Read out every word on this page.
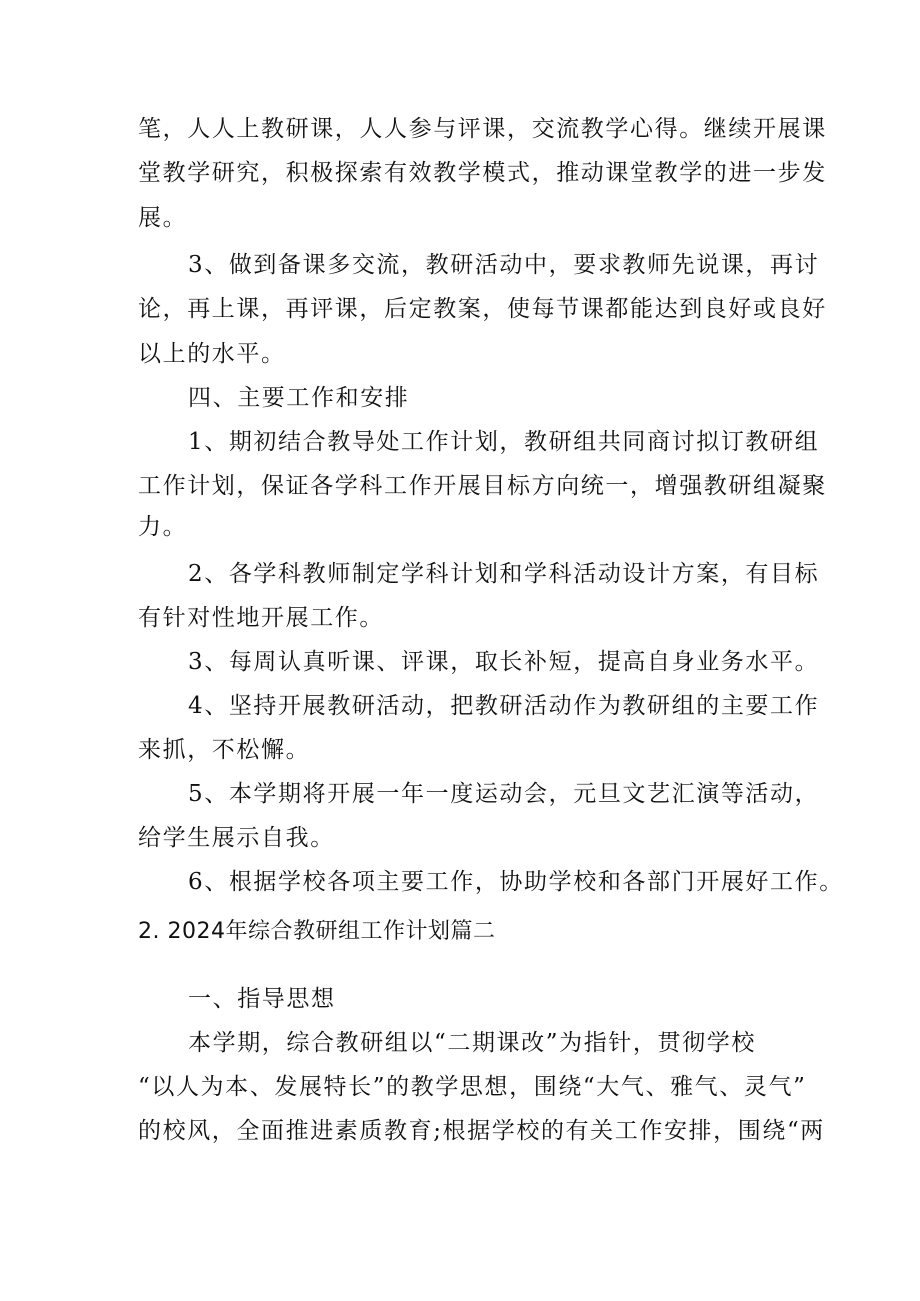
笔，人人上教研课，人人参与评课，交流教学心得。继续开展课
堂教学研究，积极探索有效教学模式，推动课堂教学的进一步发
展。
3、做到备课多交流，教研活动中，要求教师先说课，再讨
论，再上课，再评课，后定教案，使每节课都能达到良好或良好
以上的水平。
四、主要工作和安排
1、期初结合教导处工作计划，教研组共同商讨拟订教研组
工作计划，保证各学科工作开展目标方向统一，增强教研组凝聚
力。
2、各学科教师制定学科计划和学科活动设计方案，有目标
有针对性地开展工作。
3、每周认真听课、评课，取长补短，提高自身业务水平。
4、坚持开展教研活动，把教研活动作为教研组的主要工作
来抓，不松懈。
5、本学期将开展一年一度运动会，元旦文艺汇演等活动，
给学生展示自我。
6、根据学校各项主要工作，协助学校和各部门开展好工作。
2. 2024年综合教研组工作计划篇二
一、指导思想
本学期，综合教研组以“二期课改”为指针，贯彻学校
“以人为本、发展特长”的教学思想，围绕“大气、雅气、灵气”
的校风，全面推进素质教育;根据学校的有关工作安排，围绕“两
